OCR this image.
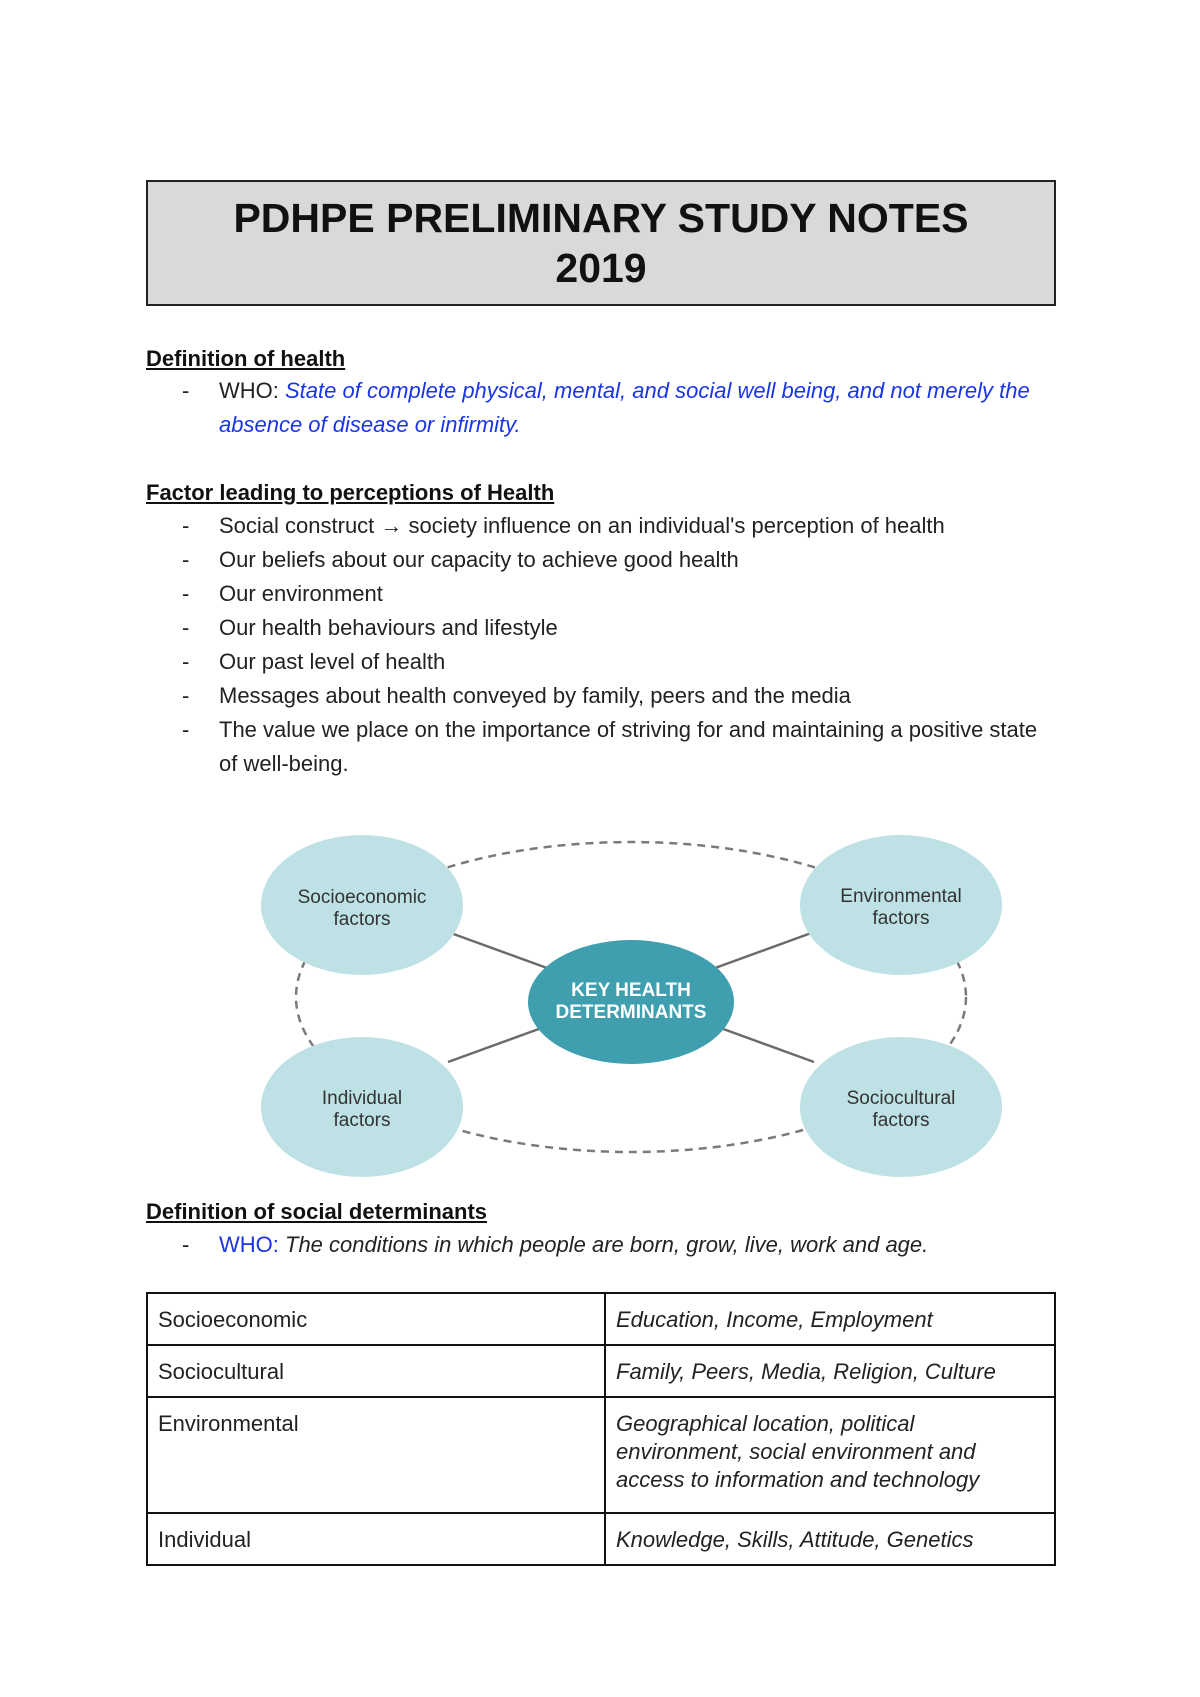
PDHPE PRELIMINARY STUDY NOTES
2019
Definition of health
- WHO: State of complete physical, mental, and social well being, and not merely the absence of disease or infirmity.
Factor leading to perceptions of Health
- Social construct → society influence on an individual's perception of health
- Our beliefs about our capacity to achieve good health
- Our environment
- Our health behaviours and lifestyle
- Our past level of health
- Messages about health conveyed by family, peers and the media
- The value we place on the importance of striving for and maintaining a positive state of well-being.
Socioeconomic
factors
Environmental
factors
Individual
factors
Sociocultural
factors
KEY HEALTH
DETERMINANTS
Definition of social determinants
- WHO: The conditions in which people are born, grow, live, work and age.
Socioeconomic	Education, Income, Employment
Sociocultural	Family, Peers, Media, Religion, Culture
Environmental	Geographical location, political environment, social environment and access to information and technology
Individual	Knowledge, Skills, Attitude, Genetics
